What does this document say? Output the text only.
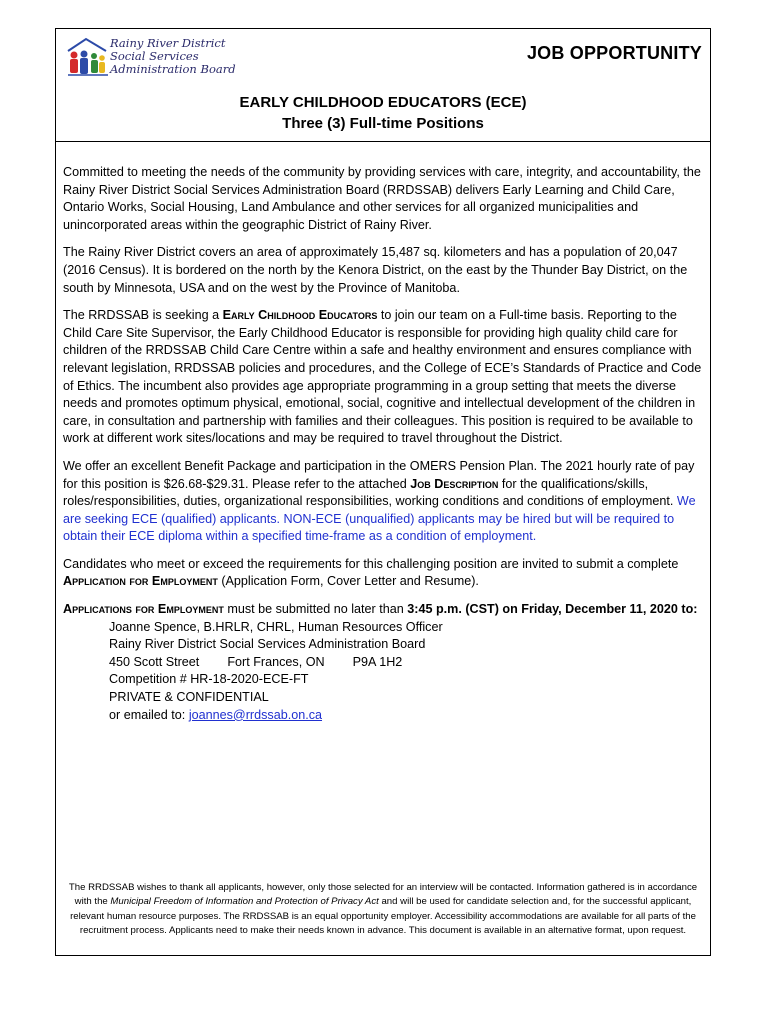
Rainy River District
Social Services
Administration Board
JOB OPPORTUNITY
EARLY CHILDHOOD EDUCATORS (ECE)
Three (3) Full-time Positions

Committed to meeting the needs of the community by providing services with care, integrity, and accountability, the Rainy River District Social Services Administration Board (RRDSSAB) delivers Early Learning and Child Care, Ontario Works, Social Housing, Land Ambulance and other services for all organized municipalities and unincorporated areas within the geographic District of Rainy River.

The Rainy River District covers an area of approximately 15,487 sq. kilometers and has a population of 20,047 (2016 Census). It is bordered on the north by the Kenora District, on the east by the Thunder Bay District, on the south by Minnesota, USA and on the west by the Province of Manitoba.

The RRDSSAB is seeking a Early Childhood Educators to join our team on a Full-time basis. Reporting to the Child Care Site Supervisor, the Early Childhood Educator is responsible for providing high quality child care for children of the RRDSSAB Child Care Centre within a safe and healthy environment and ensures compliance with relevant legislation, RRDSSAB policies and procedures, and the College of ECE’s Standards of Practice and Code of Ethics. The incumbent also provides age appropriate programming in a group setting that meets the diverse needs and promotes optimum physical, emotional, social, cognitive and intellectual development of the children in care, in consultation and partnership with families and their colleagues. This position is required to be available to work at different work sites/locations and may be required to travel throughout the District.

We offer an excellent Benefit Package and participation in the OMERS Pension Plan. The 2021 hourly rate of pay for this position is $26.68-$29.31. Please refer to the attached Job Description for the qualifications/skills, roles/responsibilities, duties, organizational responsibilities, working conditions and conditions of employment. We are seeking ECE (qualified) applicants. NON-ECE (unqualified) applicants may be hired but will be required to obtain their ECE diploma within a specified time-frame as a condition of employment.

Candidates who meet or exceed the requirements for this challenging position are invited to submit a complete Application for Employment (Application Form, Cover Letter and Resume).

Applications for Employment must be submitted no later than 3:45 p.m. (CST) on Friday, December 11, 2020 to:

Joanne Spence, B.HRLR, CHRL, Human Resources Officer
Rainy River District Social Services Administration Board
450 Scott Street Fort Frances, ON P9A 1H2
Competition # HR-18-2020-ECE-FT
PRIVATE & CONFIDENTIAL
or emailed to: joannes@rrdssab.on.ca
The RRDSSAB wishes to thank all applicants, however, only those selected for an interview will be contacted. Information gathered is in accordance with the Municipal Freedom of Information and Protection of Privacy Act and will be used for candidate selection and, for the successful applicant, relevant human resource purposes. The RRDSSAB is an equal opportunity employer. Accessibility accommodations are available for all parts of the recruitment process. Applicants need to make their needs known in advance. This document is available in an alternative format, upon request.
